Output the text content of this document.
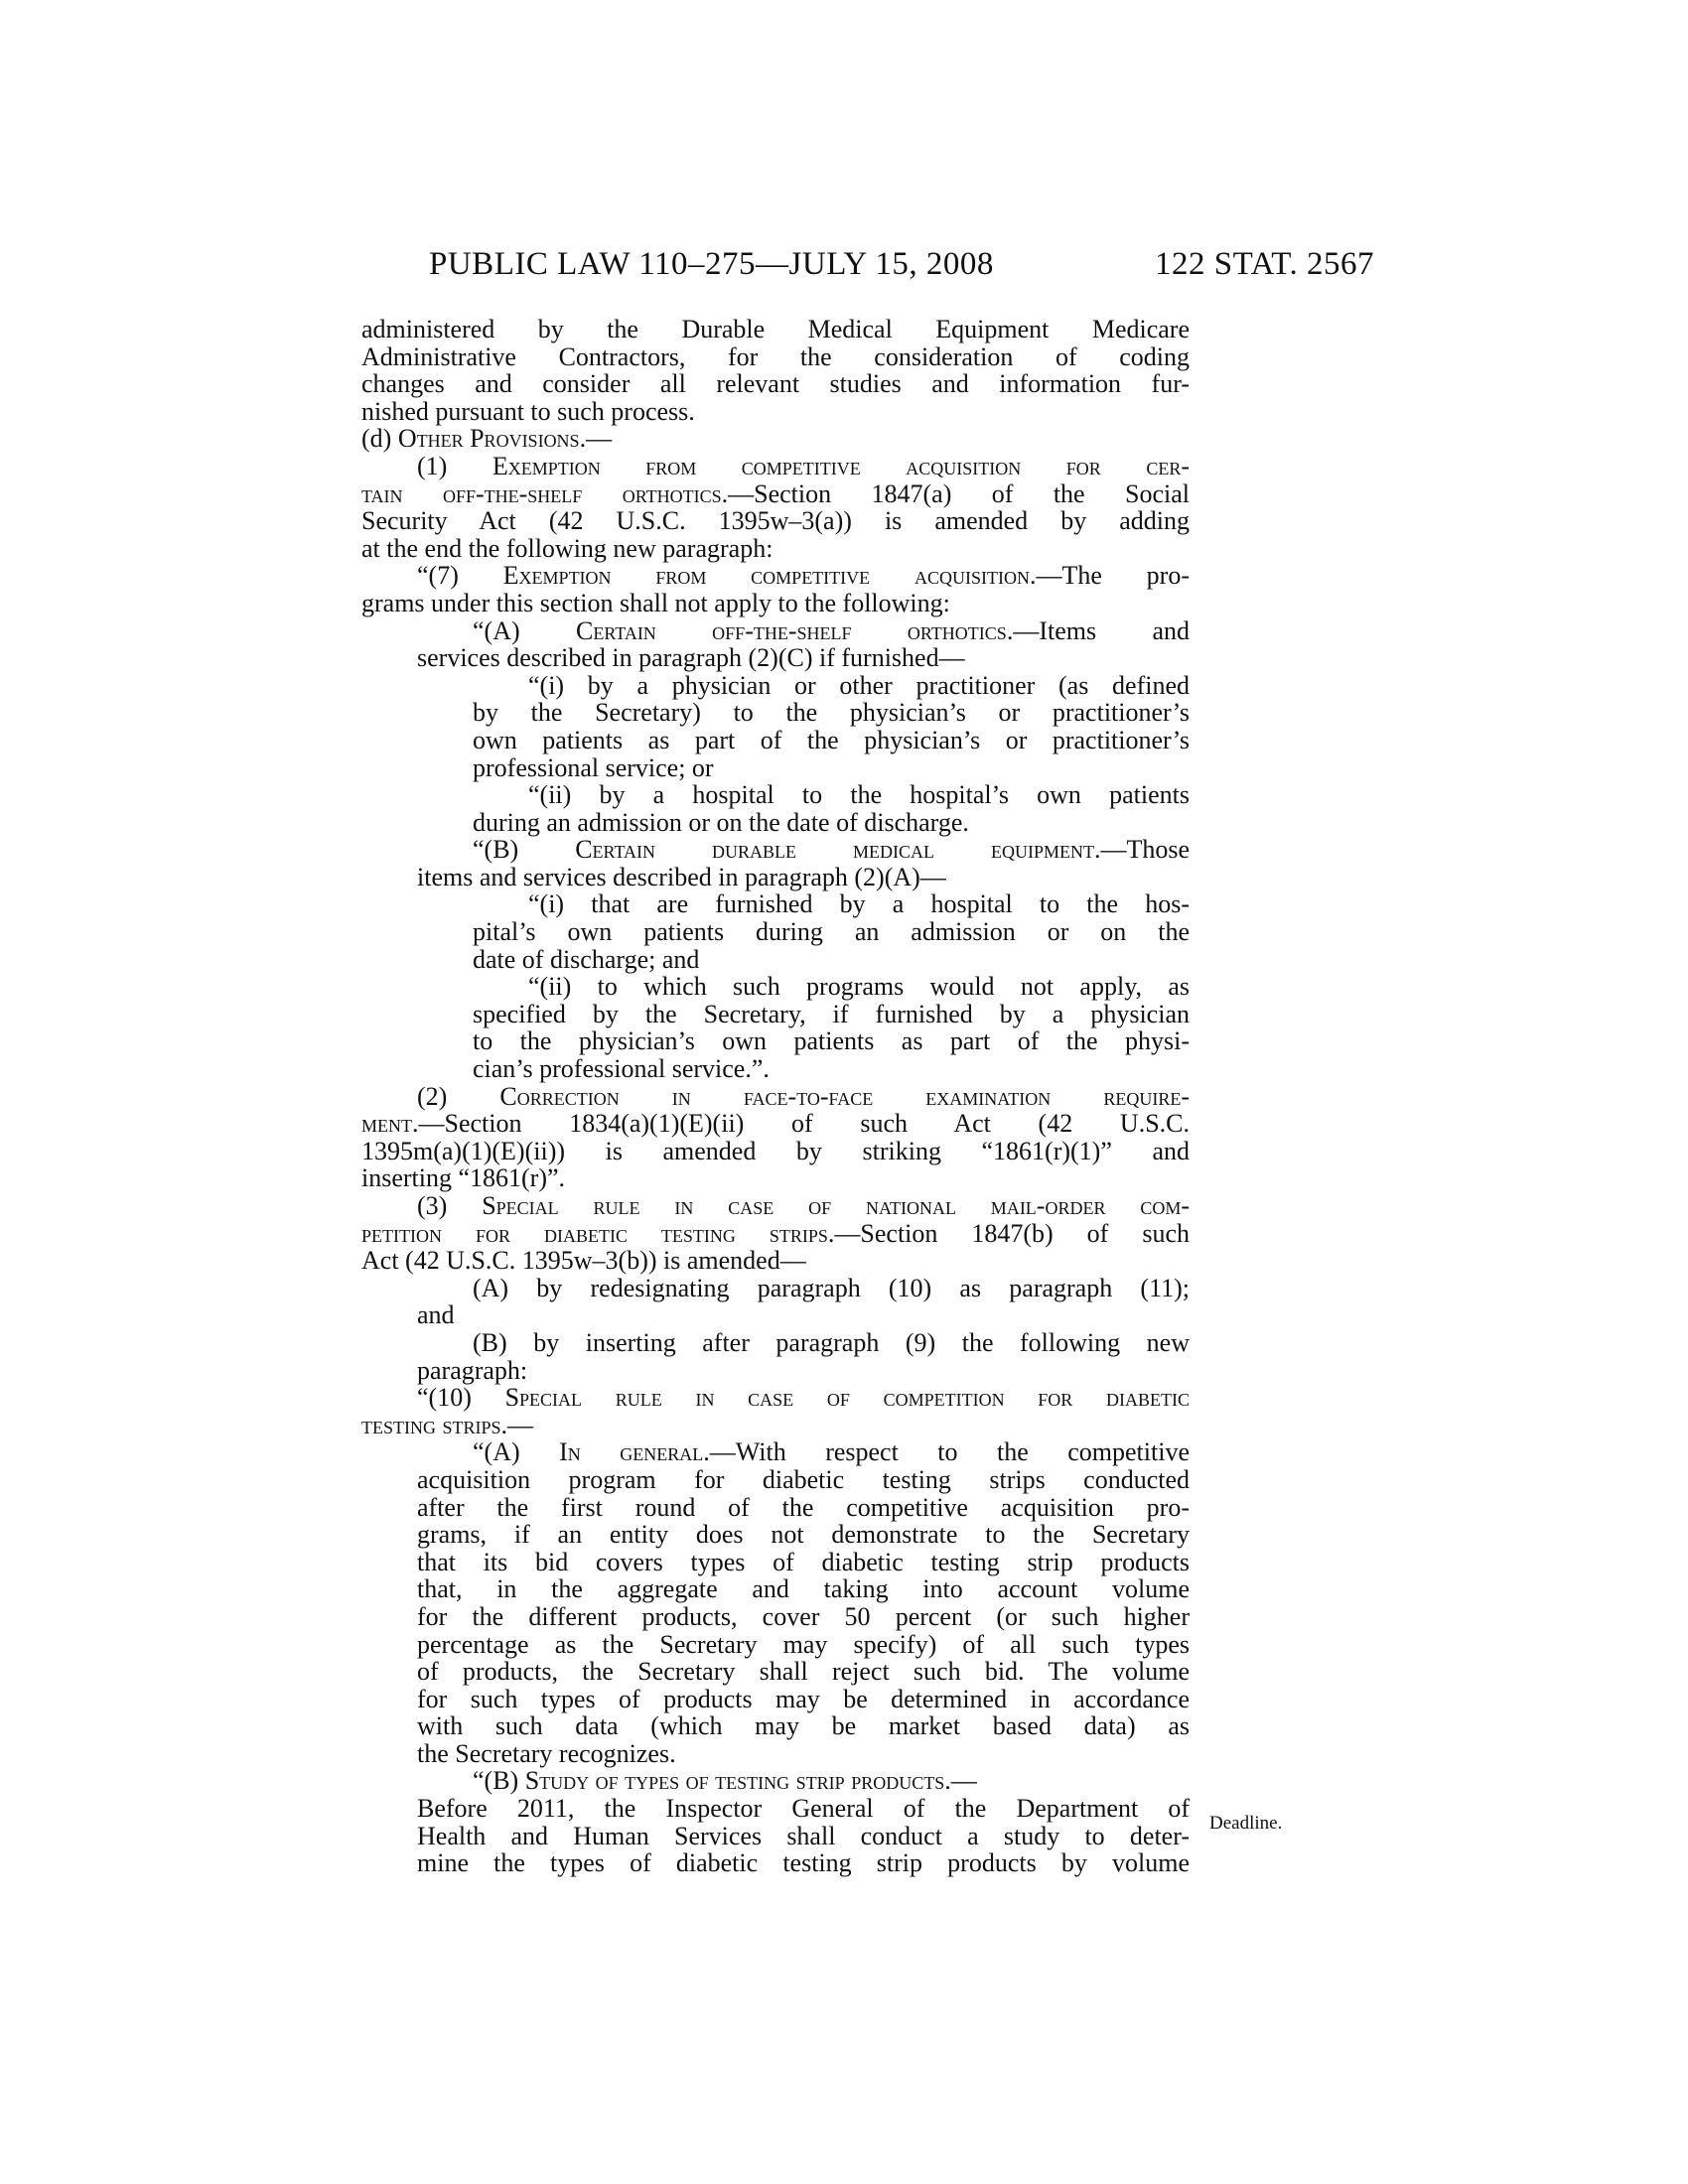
PUBLIC LAW 110–275—JULY 15, 2008	122 STAT. 2567
administered by the Durable Medical Equipment Medicare
Administrative Contractors, for the consideration of coding
changes and consider all relevant studies and information fur-
nished pursuant to such process.
(d) Other Provisions.—
(1) Exemption from competitive acquisition for cer-
tain off-the-shelf orthotics.—Section 1847(a) of the Social
Security Act (42 U.S.C. 1395w–3(a)) is amended by adding
at the end the following new paragraph:
“(7) Exemption from competitive acquisition.—The pro-
grams under this section shall not apply to the following:
“(A) Certain off-the-shelf orthotics.—Items and
services described in paragraph (2)(C) if furnished—
“(i) by a physician or other practitioner (as defined
by the Secretary) to the physician’s or practitioner’s
own patients as part of the physician’s or practitioner’s
professional service; or
“(ii) by a hospital to the hospital’s own patients
during an admission or on the date of discharge.
“(B) Certain durable medical equipment.—Those
items and services described in paragraph (2)(A)—
“(i) that are furnished by a hospital to the hos-
pital’s own patients during an admission or on the
date of discharge; and
“(ii) to which such programs would not apply, as
specified by the Secretary, if furnished by a physician
to the physician’s own patients as part of the physi-
cian’s professional service.”.
(2) Correction in face-to-face examination require-
ment.—Section 1834(a)(1)(E)(ii) of such Act (42 U.S.C.
1395m(a)(1)(E)(ii)) is amended by striking “1861(r)(1)” and
inserting “1861(r)”.
(3) Special rule in case of national mail-order com-
petition for diabetic testing strips.—Section 1847(b) of such
Act (42 U.S.C. 1395w–3(b)) is amended—
(A) by redesignating paragraph (10) as paragraph (11);
and
(B) by inserting after paragraph (9) the following new
paragraph:
“(10) Special rule in case of competition for diabetic
testing strips.—
“(A) In general.—With respect to the competitive
acquisition program for diabetic testing strips conducted
after the first round of the competitive acquisition pro-
grams, if an entity does not demonstrate to the Secretary
that its bid covers types of diabetic testing strip products
that, in the aggregate and taking into account volume
for the different products, cover 50 percent (or such higher
percentage as the Secretary may specify) of all such types
of products, the Secretary shall reject such bid. The volume
for such types of products may be determined in accordance
with such data (which may be market based data) as
the Secretary recognizes.
“(B) Study of types of testing strip products.—
Before 2011, the Inspector General of the Department of
Health and Human Services shall conduct a study to deter-
mine the types of diabetic testing strip products by volume
Deadline.
